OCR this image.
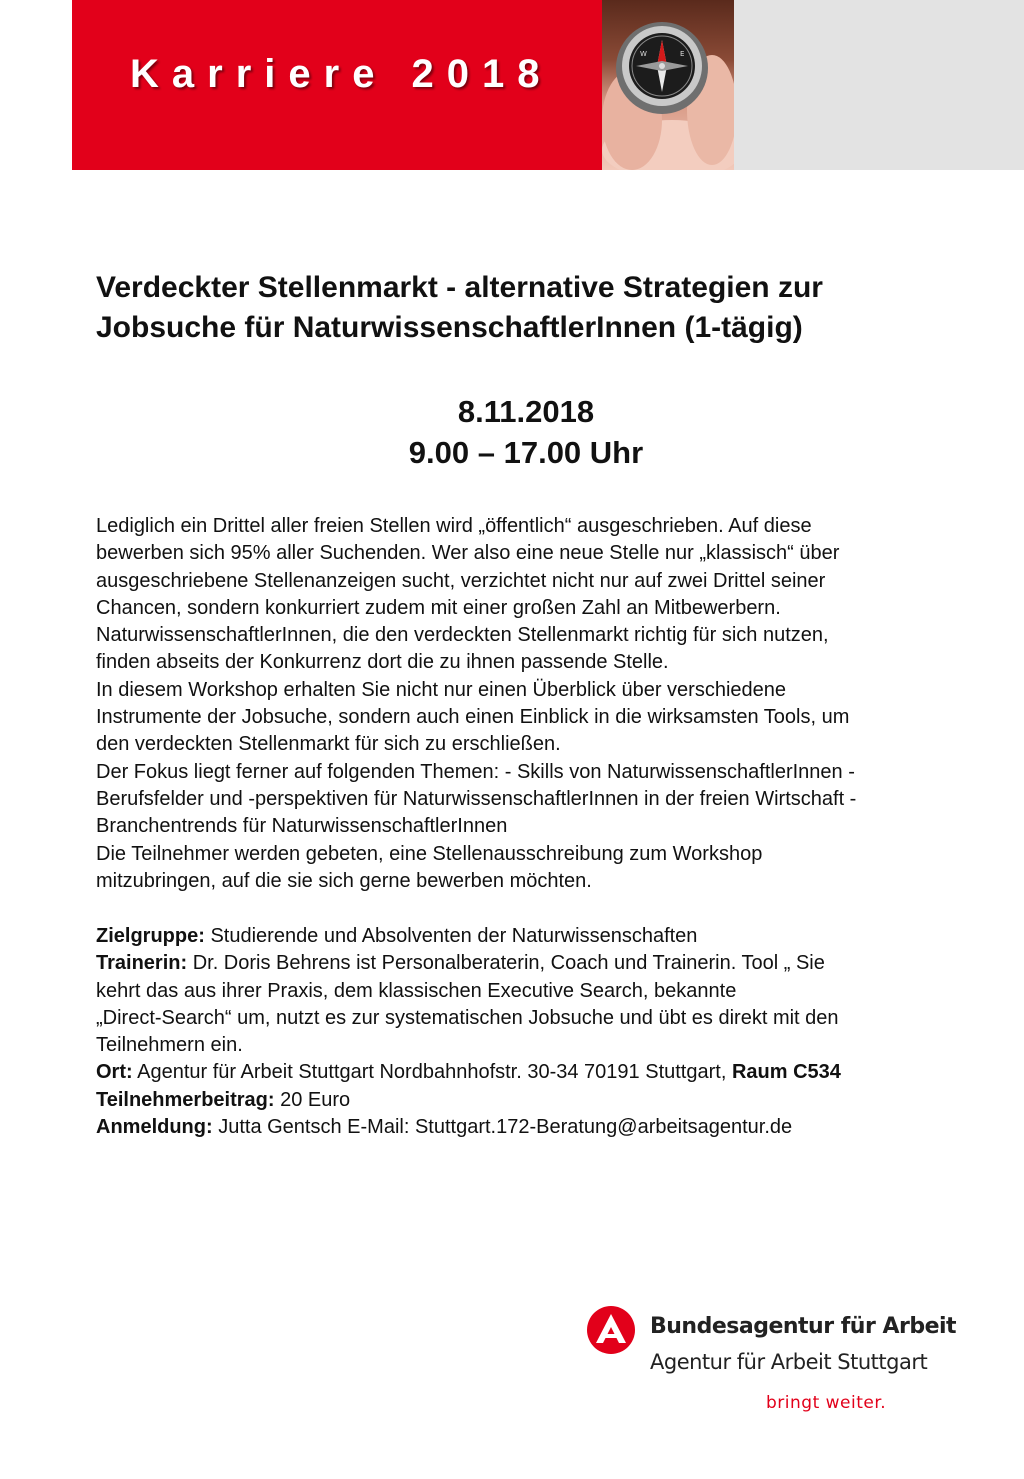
Karriere 2018	E
W
Verdeckter Stellenmarkt - alternative Strategien zur
Jobsuche für NaturwissenschaftlerInnen (1-tägig)
8.11.2018
9.00 – 17.00 Uhr

Lediglich ein Drittel aller freien Stellen wird „öffentlich“ ausgeschrieben. Auf diese

bewerben sich 95% aller Suchenden. Wer also eine neue Stelle nur „klassisch“ über

ausgeschriebene Stellenanzeigen sucht, verzichtet nicht nur auf zwei Drittel seiner

Chancen, sondern konkurriert zudem mit einer großen Zahl an Mitbewerbern.

NaturwissenschaftlerInnen, die den verdeckten Stellenmarkt richtig für sich nutzen,

finden abseits der Konkurrenz dort die zu ihnen passende Stelle.

In diesem Workshop erhalten Sie nicht nur einen Überblick über verschiedene

Instrumente der Jobsuche, sondern auch einen Einblick in die wirksamsten Tools, um

den verdeckten Stellenmarkt für sich zu erschließen.

Der Fokus liegt ferner auf folgenden Themen: - Skills von NaturwissenschaftlerInnen -

Berufsfelder und -perspektiven für NaturwissenschaftlerInnen in der freien Wirtschaft -

Branchentrends für NaturwissenschaftlerInnen

Die Teilnehmer werden gebeten, eine Stellenausschreibung zum Workshop

mitzubringen, auf die sie sich gerne bewerben möchten.

Zielgruppe: Studierende und Absolventen der Naturwissenschaften

Trainerin: Dr. Doris Behrens ist Personalberaterin, Coach und Trainerin. Tool „ Sie

kehrt das aus ihrer Praxis, dem klassischen Executive Search, bekannte

„Direct-Search“ um, nutzt es zur systematischen Jobsuche und übt es direkt mit den

Teilnehmern ein.

Ort: Agentur für Arbeit Stuttgart Nordbahnhofstr. 30-34 70191 Stuttgart, Raum C534

Teilnehmerbeitrag: 20 Euro

Anmeldung: Jutta Gentsch E-Mail: Stuttgart.172-Beratung@arbeitsagentur.de

Bundesagentur für Arbeit
Agentur für Arbeit Stuttgart
bringt weiter.
